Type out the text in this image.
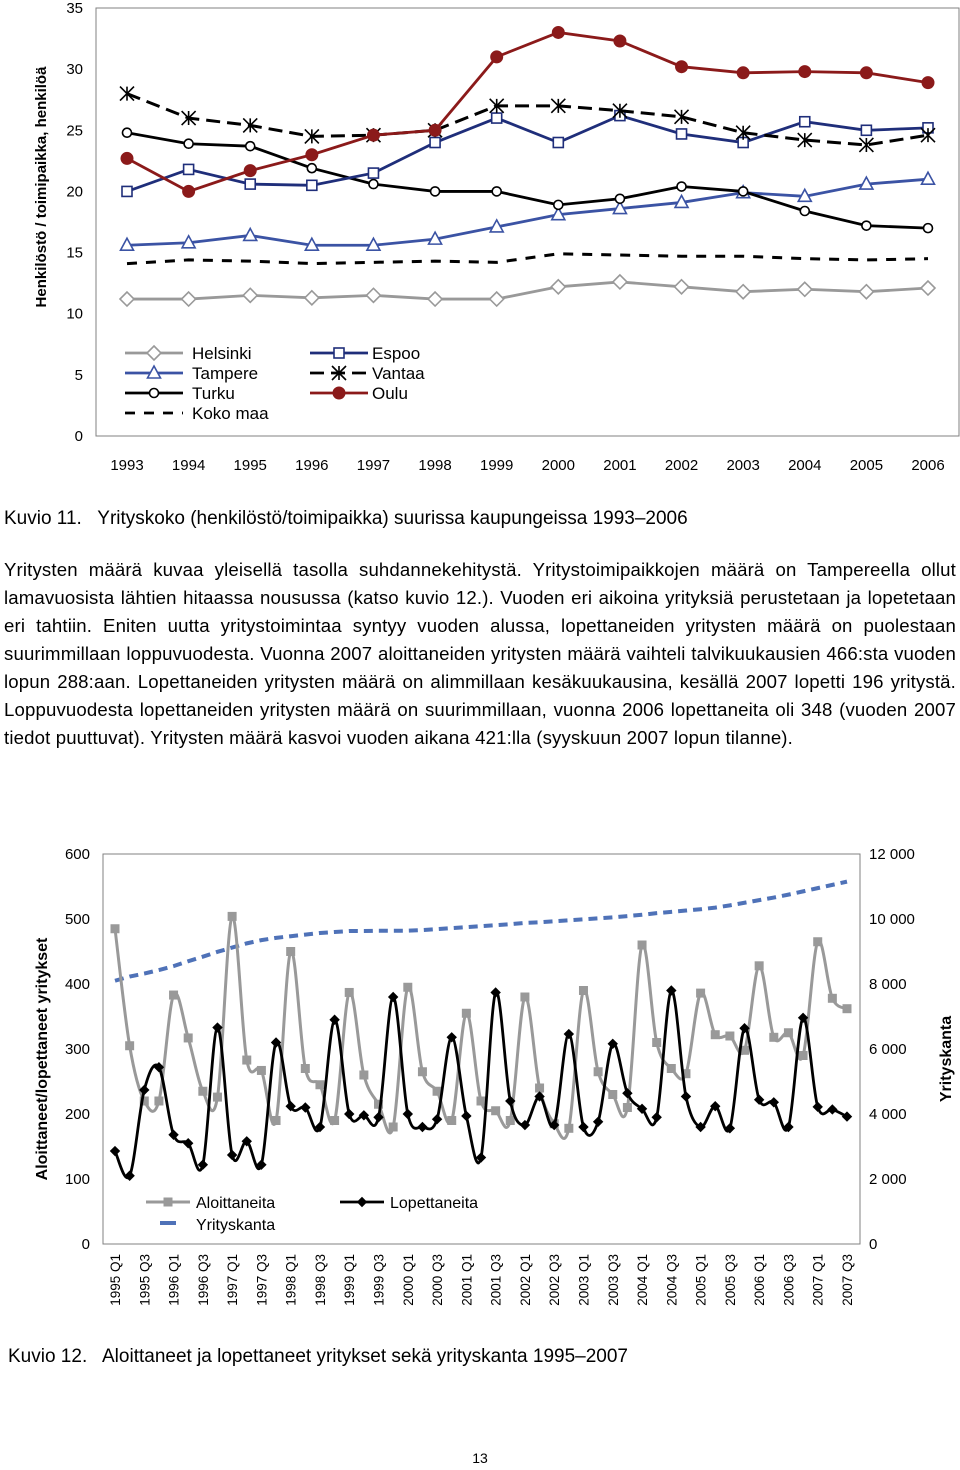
0
5
10
15
20
25
30
35
Henkilöstö / toimipaikka, henkilöä
1993 1994 1995 1996 1997 1998 1999 2000 2001 2002 2003 2004 2005 2006
Helsinki
Tampere
Turku
Koko maa
Espoo
Vantaa
Oulu
Kuvio 11.   Yrityskoko (henkilöstö/toimipaikka) suurissa kaupungeissa 1993–2006
Yritysten määrä kuvaa yleisellä tasolla suhdannekehitystä. Yritystoimipaikkojen määrä on Tampereella ollut lamavuosista lähtien hitaassa nousussa (katso kuvio 12.). Vuoden eri aikoina yrityksiä perustetaan ja lopetetaan eri tahtiin. Eniten uutta yritystoimintaa syntyy vuoden alussa, lopettaneiden yritysten määrä on puolestaan suurimmillaan loppuvuodesta. Vuonna 2007 aloittaneiden yritysten määrä vaihteli talvikuukausien 466:sta vuoden lopun 288:aan. Lopettaneiden yritysten määrä on alimmillaan kesäkuukausina, kesällä 2007 lopetti 196 yritystä. Loppuvuodesta lopettaneiden yritysten määrä on suurimmillaan, vuonna 2006 lopettaneita oli 348 (vuoden 2007 tiedot puuttuvat). Yritysten määrä kasvoi vuoden aikana 421:lla (syyskuun 2007 lopun tilanne).
0
100
200
300
400
500
600
0
2 000
4 000
6 000
8 000
10 000
12 000
Aloittaneet/lopettaneet yritykset	Yrityskanta
1995 Q1 1995 Q3 1996 Q1 1996 Q3 1997 Q1 1997 Q3 1998 Q1 1998 Q3 1999 Q1 1999 Q3 2000 Q1 2000 Q3 2001 Q1 2001 Q3 2002 Q1 2002 Q3 2003 Q1 2003 Q3 2004 Q1 2004 Q3 2005 Q1 2005 Q3 2006 Q1 2006 Q3 2007 Q1 2007 Q3
Aloittaneita	Lopettaneita
Yrityskanta
Kuvio 12.   Aloittaneet ja lopettaneet yritykset sekä yrityskanta 1995–2007
13
